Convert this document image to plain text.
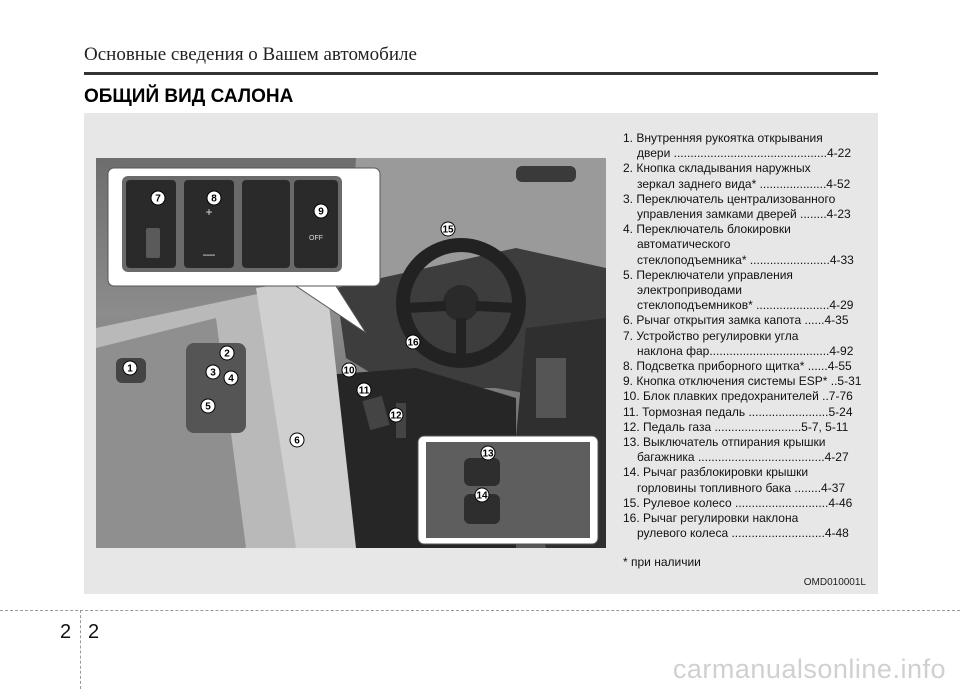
Основные сведения о Вашем автомобиле
ОБЩИЙ ВИД САЛОНА
+
—
OFF
1
2
3
4
5
6
7	8
9
10
11
12
13
14
15
16
1. Внутренняя рукоятка открывания
двери ..............................................4-22
2. Кнопка складывания наружных
зеркал заднего вида* ....................4-52
3. Переключатель централизованного
управления замками дверей ........4-23
4. Переключатель блокировки
автоматического
стеклоподъемника* ........................4-33
5. Переключатели управления
электроприводами
стеклоподъемников* ......................4-29
6. Рычаг открытия замка капота ......4-35
7. Устройство регулировки угла
наклона фар....................................4-92
8. Подсветка приборного щитка* ......4-55
9. Кнопка отключения системы ESP* ..5-31
10. Блок плавких предохранителей ..7-76
11. Тормозная педаль ........................5-24
12. Педаль газа ..........................5-7, 5-11
13. Выключатель отпирания крышки
багажника ......................................4-27
14. Рычаг разблокировки крышки
горловины топливного бака ........4-37
15. Рулевое колесо ............................4-46
16. Рычаг регулировки наклона
рулевого колеса ............................4-48
* при наличии
OMD010001L
2 2
carmanualsonline.info
